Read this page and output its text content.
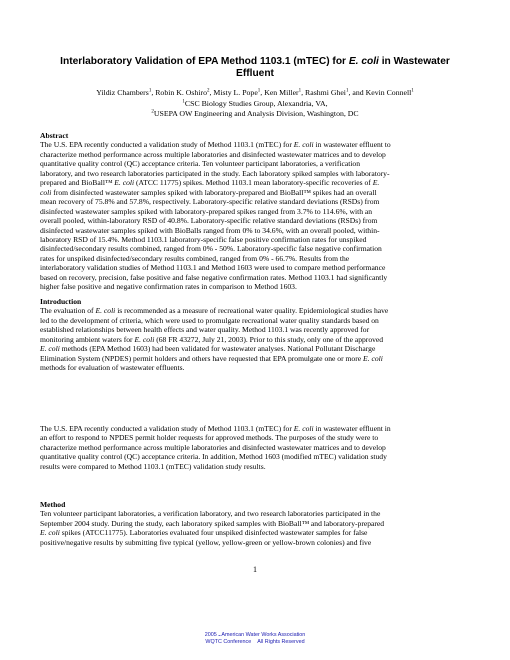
Interlaboratory Validation of EPA Method 1103.1 (mTEC) for E. coli in Wastewater
Effluent
Yildiz Chambers$^1$, Robin K. Oshiro$^2$, Misty L. Pope$^1$, Ken Miller$^1$, Rashmi Ghei$^1$, and Kevin Connell$^1$
$^1$CSC Biology Studies Group, Alexandria, VA,
$^2$USEPA OW Engineering and Analysis Division, Washington, DC
Abstract
The U.S. EPA recently conducted a validation study of Method 1103.1 (mTEC) for E. coli in wastewater effluent to
characterize method performance across multiple laboratories and disinfected wastewater matrices and to develop
quantitative quality control (QC) acceptance criteria. Ten volunteer participant laboratories, a verification
laboratory, and two research laboratories participated in the study. Each laboratory spiked samples with laboratory-
prepared and BioBall™ E. coli (ATCC 11775) spikes. Method 1103.1 mean laboratory-specific recoveries of E.
coli from disinfected wastewater samples spiked with laboratory-prepared and BioBall™ spikes had an overall
mean recovery of 75.8% and 57.8%, respectively. Laboratory-specific relative standard deviations (RSDs) from
disinfected wastewater samples spiked with laboratory-prepared spikes ranged from 3.7% to 114.6%, with an
overall pooled, within-laboratory RSD of 40.8%. Laboratory-specific relative standard deviations (RSDs) from
disinfected wastewater samples spiked with BioBalls ranged from 0% to 34.6%, with an overall pooled, within-
laboratory RSD of 15.4%. Method 1103.1 laboratory-specific false positive confirmation rates for unspiked
disinfected/secondary results combined, ranged from 0% - 50%. Laboratory-specific false negative confirmation
rates for unspiked disinfected/secondary results combined, ranged from 0% - 66.7%. Results from the
interlaboratory validation studies of Method 1103.1 and Method 1603 were used to compare method performance
based on recovery, precision, false positive and false negative confirmation rates. Method 1103.1 had significantly
higher false positive and negative confirmation rates in comparison to Method 1603.
Introduction
The evaluation of E. coli is recommended as a measure of recreational water quality. Epidemiological studies have
led to the development of criteria, which were used to promulgate recreational water quality standards based on
established relationships between health effects and water quality. Method 1103.1 was recently approved for
monitoring ambient waters for E. coli (68 FR 43272, July 21, 2003). Prior to this study, only one of the approved
E. coli methods (EPA Method 1603) had been validated for wastewater analyses. National Pollutant Discharge
Elimination System (NPDES) permit holders and others have requested that EPA promulgate one or more E. coli
methods for evaluation of wastewater effluents.
The U.S. EPA recently conducted a validation study of Method 1103.1 (mTEC) for E. coli in wastewater effluent in
an effort to respond to NPDES permit holder requests for approved methods. The purposes of the study were to
characterize method performance across multiple laboratories and disinfected wastewater matrices and to develop
quantitative quality control (QC) acceptance criteria. In addition, Method 1603 (modified mTEC) validation study
results were compared to Method 1103.1 (mTEC) validation study results.
Method
Ten volunteer participant laboratories, a verification laboratory, and two research laboratories participated in the
September 2004 study. During the study, each laboratory spiked samples with BioBall™ and laboratory-prepared
E. coli spikes (ATCC11775). Laboratories evaluated four unspiked disinfected wastewater samples for false
positive/negative results by submitting five typical (yellow, yellow-green or yellow-brown colonies) and five
1
2005 .. American Water Works Association
WQTC Conference All Rights Reserved
